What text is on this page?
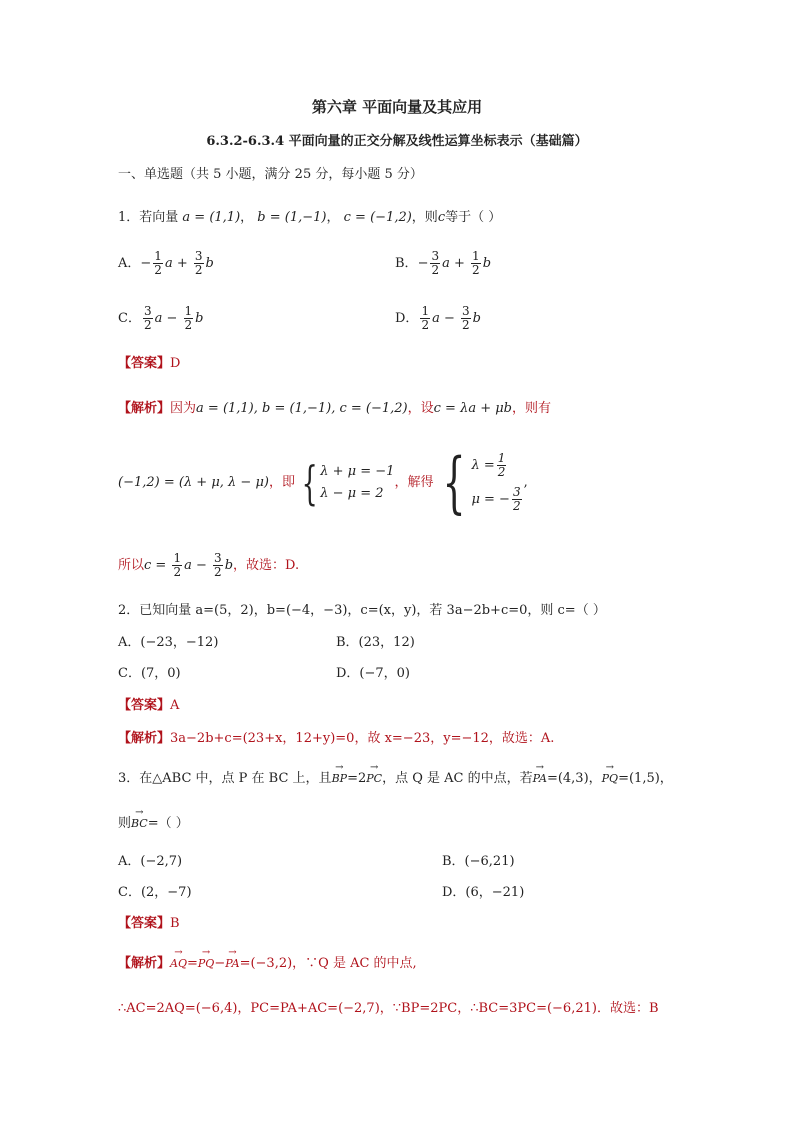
第六章 平面向量及其应用
6.3.2-6.3.4 平面向量的正交分解及线性运算坐标表示（基础篇）
一、单选题（共 5 小题，满分 25 分，每小题 5 分）
1．若向量 a = (1,1)， b = (1,−1)， c = (−1,2)，则c等于（ ）
A．− $\frac{1}{2}$ $a + \frac{3}{2}$ b	B．− $\frac{3}{2}$ $a + \frac{1}{2}$ b
C． $\frac{3}{2}$ $a - \frac{1}{2}$ b	D． $\frac{1}{2}$ $a - \frac{3}{2}$ b
【答案】D
【解析】因为a = (1,1), b = (1,−1), c = (−1,2)，设c = λa + μb，则有
(−1,2) = (λ + μ, λ − μ) ，即 { λ + μ = −1
λ − μ = 2
，解得 { $\lambda = \frac{1}{2}$
μ = − $\frac{3}{2}$
,
所以$c = \frac{1}{2}$ $a - \frac{3}{2}$ b，故选：D.
2．已知向量 a=(5，2)，b=(−4，−3)，c=(x，y)，若 3a−2b+c=0，则 c=（ ）
A．(−23，−12)	B．(23，12)
C．(7，0)	D．(−7，0)
【答案】A
【解析】3a−2b+c=(23+x，12+y)=0，故 x=−23，y=−12，故选：A.
3．在△ABC 中，点 P 在 BC 上，且→ BP=2→ PC，点 Q 是 AC 的中点，若→ PA=(4,3)，→ PQ=(1,5)，
则→ BC=（ ）
A．(−2,7)	B．(−6,21)
C．(2，−7)	D．(6，−21)
【答案】B
【解析】→ AQ=→ PQ−→ PA=(−3,2)，∵Q 是 AC 的中点,
∴AC=2AQ=(−6,4)，PC=PA+AC=(−2,7)，∵BP=2PC，∴BC=3PC=(−6,21)．故选：B
